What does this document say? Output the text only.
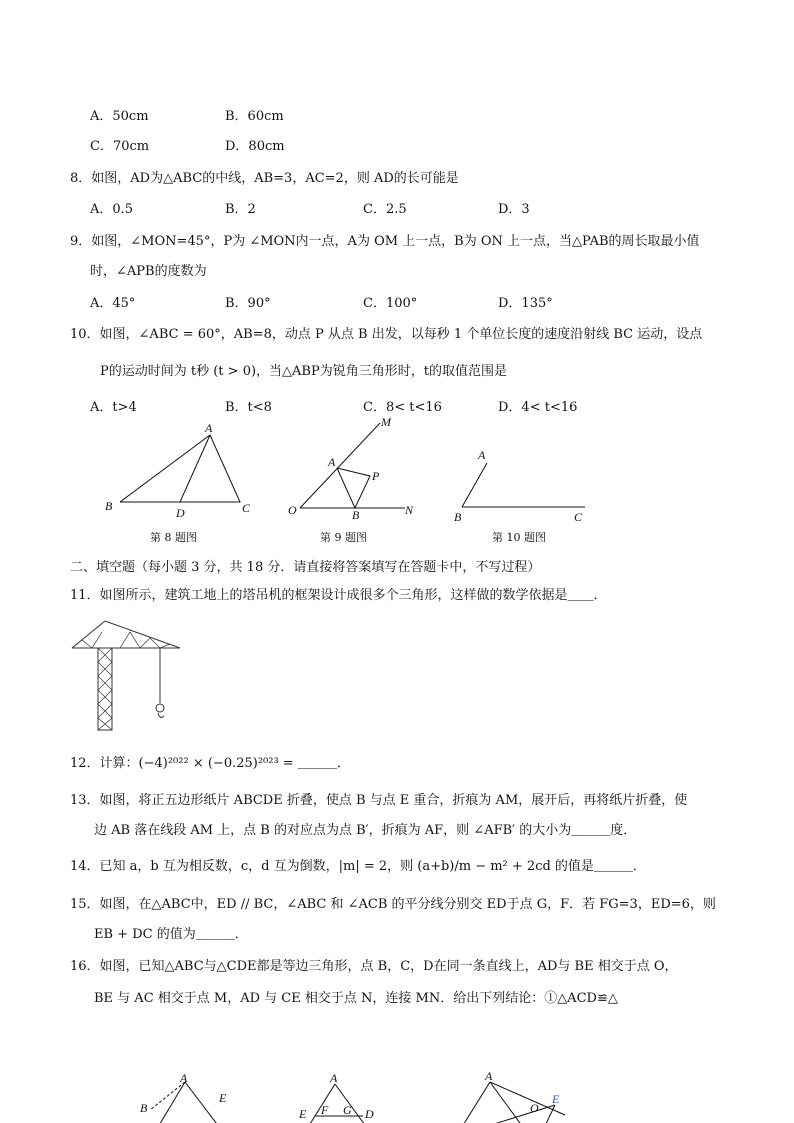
A．50cm	B．60cm
C．70cm	D．80cm
8．如图，AD为△ABC的中线，AB=3，AC=2，则 AD的长可能是
A．0.5	B．2	C．2.5	D．3
9．如图，∠MON=45°，P为 ∠MON内一点，A为 OM 上一点，B为 ON 上一点，当△PAB的周长取最小值
时，∠APB的度数为
A．45°	B．90°	C．100°	D．135°
10．如图，∠ABC = 60°，AB=8，动点 P 从点 B 出发，以每秒 1 个单位长度的速度沿射线 BC 运动，设点
P的运动时间为 t秒 (t > 0)，当△ABP为锐角三角形时，t的取值范围是
A．t>4	B．t<8	C．8< t<16	D．4< t<16
A
B	C
D
M
A
P
O	B	N
A
B	C
第 8 题图	第 9 题图	第 10 题图
二、填空题（每小题 3 分，共 18 分．请直接将答案填写在答题卡中，不写过程）
11．如图所示，建筑工地上的塔吊机的框架设计成很多个三角形，这样做的数学依据是＿＿．
12．计算：(−4)²⁰²² × (−0.25)²⁰²³ = ＿＿＿．
13．如图，将正五边形纸片 ABCDE 折叠，使点 B 与点 E 重合，折痕为 AM，展开后，再将纸片折叠，使
边 AB 落在线段 AM 上，点 B 的对应点为点 B′，折痕为 AF，则 ∠AFB′ 的大小为＿＿＿度．
14．已知 a，b 互为相反数，c，d 互为倒数，|m| = 2，则 (a+b)/m − m² + 2cd 的值是＿＿＿．
15．如图，在△ABC中，ED // BC，∠ABC 和 ∠ACB 的平分线分别交 ED于点 G，F．若 FG=3，ED=6，则
EB + DC 的值为＿＿＿．
16．如图，已知△ABC与△CDE都是等边三角形，点 B，C，D在同一条直线上，AD与 BE 相交于点 O，
BE 与 AC 相交于点 M，AD 与 CE 相交于点 N，连接 MN．给出下列结论：①△ACD≌△
A
B
E
A
E F G D
A
O
E
